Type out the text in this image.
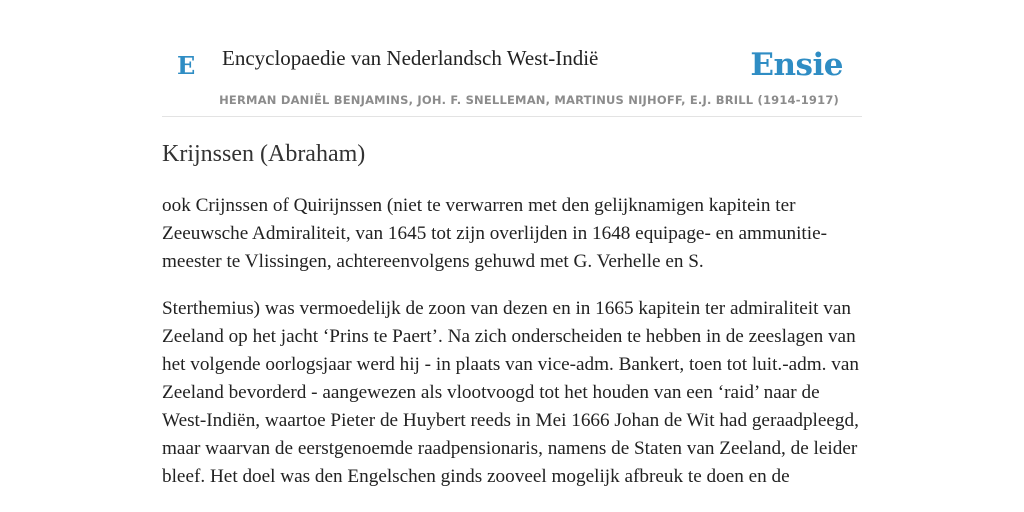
E Encyclopaedie van Nederlandsch West-Indië	Ensie
HERMAN DANIËL BENJAMINS, JOH. F. SNELLEMAN, MARTINUS NIJHOFF, E.J. BRILL (1914-1917)
Krijnssen (Abraham)

ook Crijnssen of Quirijnssen (niet te verwarren met den gelijknamigen kapitein ter Zeeuwsche Admiraliteit, van 1645 tot zijn overlijden in 1648 equipage- en ammunitie-meester te Vlissingen, achtereenvolgens gehuwd met G. Verhelle en S.

Sterthemius) was vermoedelijk de zoon van dezen en in 1665 kapitein ter admiraliteit van Zeeland op het jacht ‘Prins te Paert’. Na zich onderscheiden te hebben in de zeeslagen van het volgende oorlogsjaar werd hij - in plaats van vice-adm. Bankert, toen tot luit.-adm. van Zeeland bevorderd - aangewezen als vlootvoogd tot het houden van een ‘raid’ naar de West-Indiën, waartoe Pieter de Huybert reeds in Mei 1666 Johan de Wit had geraadpleegd, maar waarvan de eerstgenoemde raadpensionaris, namens de Staten van Zeeland, de leider bleef. Het doel was den Engelschen ginds zooveel mogelijk afbreuk te doen en de
